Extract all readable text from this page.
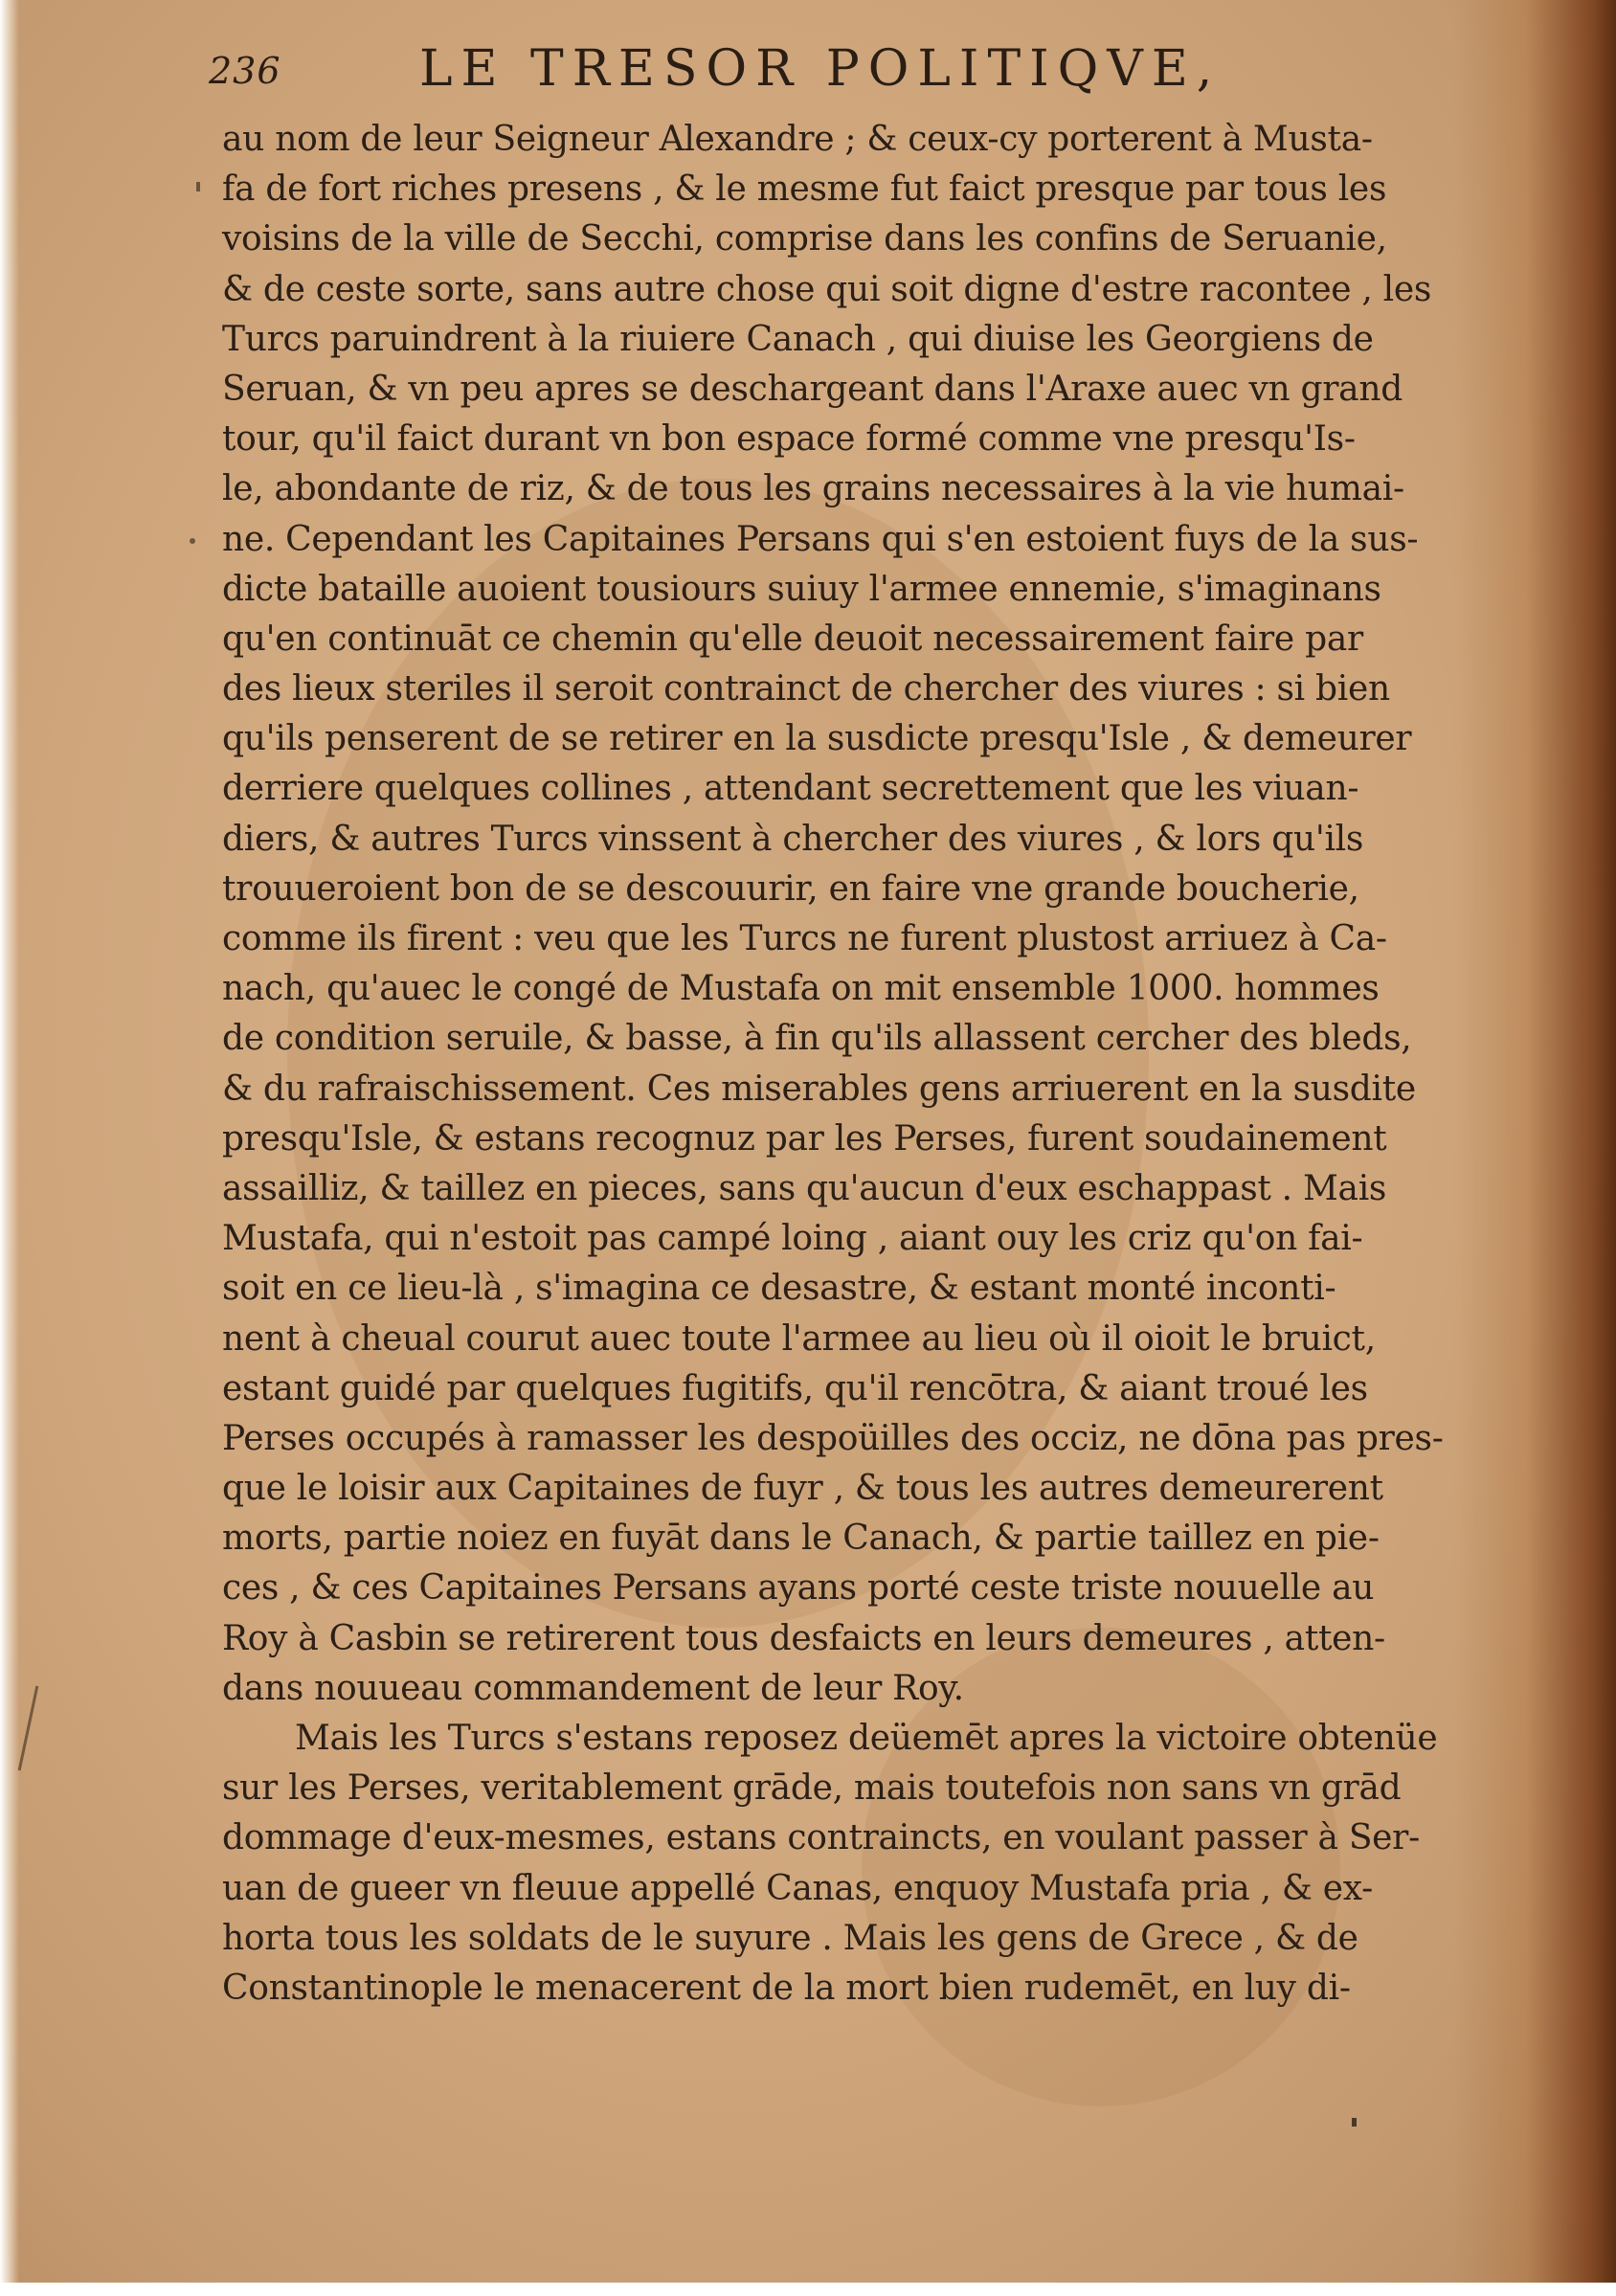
236	LE TRESOR POLITIQVE,
au nom de leur Seigneur Alexandre ; & ceux-cy porterent à Musta-
fa de fort riches presens , & le mesme fut faict presque par tous les
voisins de la ville de Secchi, comprise dans les confins de Seruanie,
& de ceste sorte, sans autre chose qui soit digne d'estre racontee , les
Turcs paruindrent à la riuiere Canach , qui diuise les Georgiens de
Seruan, & vn peu apres se deschargeant dans l'Araxe auec vn grand
tour, qu'il faict durant vn bon espace formé comme vne presqu'Is-
le, abondante de riz, & de tous les grains necessaires à la vie humai-
ne. Cependant les Capitaines Persans qui s'en estoient fuys de la sus-
dicte bataille auoient tousiours suiuy l'armee ennemie, s'imaginans
qu'en continuāt ce chemin qu'elle deuoit necessairement faire par
des lieux steriles il seroit contrainct de chercher des viures : si bien
qu'ils penserent de se retirer en la susdicte presqu'Isle , & demeurer
derriere quelques collines , attendant secrettement que les viuan-
diers, & autres Turcs vinssent à chercher des viures , & lors qu'ils
trouueroient bon de se descouurir, en faire vne grande boucherie,
comme ils firent : veu que les Turcs ne furent plustost arriuez à Ca-
nach, qu'auec le congé de Mustafa on mit ensemble 1000. hommes
de condition seruile, & basse, à fin qu'ils allassent cercher des bleds,
& du rafraischissement. Ces miserables gens arriuerent en la susdite
presqu'Isle, & estans recognuz par les Perses, furent soudainement
assailliz, & taillez en pieces, sans qu'aucun d'eux eschappast . Mais
Mustafa, qui n'estoit pas campé loing , aiant ouy les criz qu'on fai-
soit en ce lieu-là , s'imagina ce desastre, & estant monté inconti-
nent à cheual courut auec toute l'armee au lieu où il oioit le bruict,
estant guidé par quelques fugitifs, qu'il rencōtra, & aiant troué les
Perses occupés à ramasser les despoüilles des occiz, ne dōna pas pres-
que le loisir aux Capitaines de fuyr , & tous les autres demeurerent
morts, partie noiez en fuyāt dans le Canach, & partie taillez en pie-
ces , & ces Capitaines Persans ayans porté ceste triste nouuelle au
Roy à Casbin se retirerent tous desfaicts en leurs demeures , atten-
dans nouueau commandement de leur Roy.
Mais les Turcs s'estans reposez deüemēt apres la victoire obtenüe
sur les Perses, veritablement grāde, mais toutefois non sans vn grād
dommage d'eux-mesmes, estans contraincts, en voulant passer à Ser-
uan de gueer vn fleuue appellé Canas, enquoy Mustafa pria , & ex-
horta tous les soldats de le suyure . Mais les gens de Grece , & de
Constantinople le menacerent de la mort bien rudemēt, en luy di-
